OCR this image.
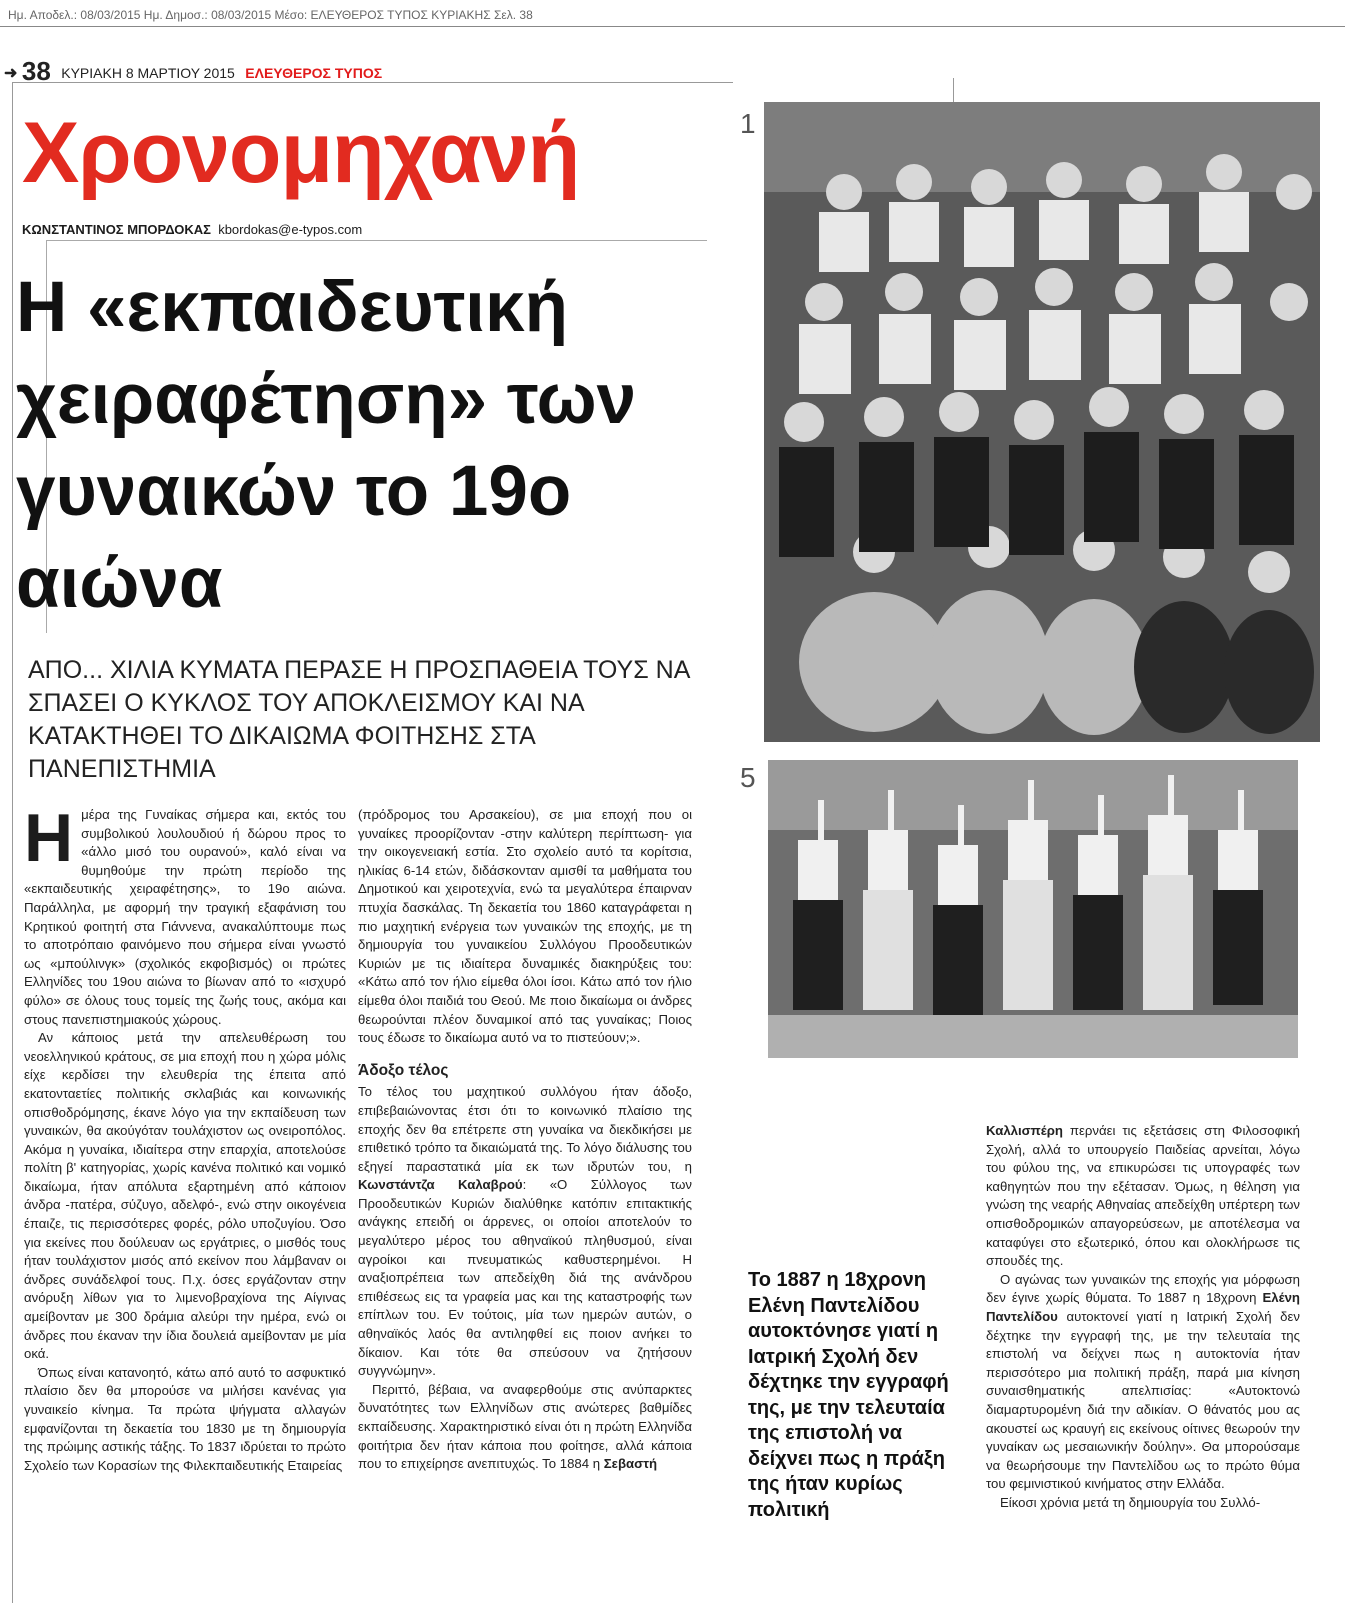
Ημ. Αποδελ.: 08/03/2015 Ημ. Δημοσ.: 08/03/2015 Μέσο: ΕΛΕΥΘΕΡΟΣ ΤΥΠΟΣ ΚΥΡΙΑΚΗΣ Σελ. 38
➜ 38 ΚΥΡΙΑΚΗ 8 ΜΑΡΤΙΟΥ 2015 ΕΛΕΥΘΕΡΟΣ ΤΥΠΟΣ
Χρονομηχανή
ΚΩΝΣΤΑΝΤΙΝΟΣ ΜΠΟΡΔΟΚΑΣ kbordokas@e-typos.com
Η «εκπαιδευτική χειραφέτηση» των γυναικών το 19ο αιώνα
ΑΠΟ... ΧΙΛΙΑ ΚΥΜΑΤΑ ΠΕΡΑΣΕ Η ΠΡΟΣΠΑΘΕΙΑ ΤΟΥΣ ΝΑ ΣΠΑΣΕΙ Ο ΚΥΚΛΟΣ ΤΟΥ ΑΠΟΚΛΕΙΣΜΟΥ ΚΑΙ ΝΑ ΚΑΤΑΚΤΗΘΕΙ ΤΟ ΔΙΚΑΙΩΜΑ ΦΟΙΤΗΣΗΣ ΣΤΑ ΠΑΝΕΠΙΣΤΗΜΙΑ
Η μέρα της Γυναίκας σήμερα και, εκτός του συμβολικού λουλουδιού ή δώρου προς το «άλλο μισό του ουρανού», καλό είναι να θυμηθούμε την πρώτη περίοδο της «εκπαιδευτικής χειραφέτησης», το 19ο αιώνα. Παράλληλα, με αφορμή την τραγική εξαφάνιση του Κρητικού φοιτητή στα Γιάννενα, ανακαλύπτουμε πως το αποτρόπαιο φαινόμενο που σήμερα είναι γνωστό ως «μπούλινγκ» (σχολικός εκφοβισμός) οι πρώτες Ελληνίδες του 19ου αιώνα το βίωναν από το «ισχυρό φύλο» σε όλους τους τομείς της ζωής τους, ακόμα και στους πανεπιστημιακούς χώρους.

Αν κάποιος μετά την απελευθέρωση του νεοελληνικού κράτους, σε μια εποχή που η χώρα μόλις είχε κερδίσει την ελευθερία της έπειτα από εκατονταετίες πολιτικής σκλαβιάς και κοινωνικής οπισθοδρόμησης, έκανε λόγο για την εκπαίδευση των γυναικών, θα ακούγόταν τουλάχιστον ως ονειροπόλος. Ακόμα η γυναίκα, ιδιαίτερα στην επαρχία, αποτελούσε πολίτη β' κατηγορίας, χωρίς κανένα πολιτικό και νομικό δικαίωμα, ήταν απόλυτα εξαρτημένη από κάποιον άνδρα -πατέρα, σύζυγο, αδελφό-, ενώ στην οικογένεια έπαιζε, τις περισσότερες φορές, ρόλο υποζυγίου. Όσο για εκείνες που δούλευαν ως εργάτριες, ο μισθός τους ήταν τουλάχιστον μισός από εκείνον που λάμβαναν οι άνδρες συνάδελφοί τους. Π.χ. όσες εργάζονταν στην ανόρυξη λίθων για το λιμενοβραχίονα της Αίγινας αμείβονταν με 300 δράμια αλεύρι την ημέρα, ενώ οι άνδρες που έκαναν την ίδια δουλειά αμείβονταν με μία οκά.

Όπως είναι κατανοητό, κάτω από αυτό το ασφυκτικό πλαίσιο δεν θα μπορούσε να μιλήσει κανένας για γυναικείο κίνημα. Τα πρώτα ψήγματα αλλαγών εμφανίζονται τη δεκαετία του 1830 με τη δημιουργία της πρώιμης αστικής τάξης. Το 1837 ιδρύεται το πρώτο Σχολείο των Κορασίων της Φιλεκπαιδευτικής Εταιρείας

(πρόδρομος του Αρσακείου), σε μια εποχή που οι γυναίκες προορίζονταν -στην καλύτερη περίπτωση- για την οικογενειακή εστία. Στο σχολείο αυτό τα κορίτσια, ηλικίας 6-14 ετών, διδάσκονταν αμισθί τα μαθήματα του Δημοτικού και χειροτεχνία, ενώ τα μεγαλύτερα έπαιρναν πτυχία δασκάλας. Τη δεκαετία του 1860 καταγράφεται η πιο μαχητική ενέργεια των γυναικών της εποχής, με τη δημιουργία του γυναικείου Συλλόγου Προοδευτικών Κυριών με τις ιδιαίτερα δυναμικές διακηρύξεις του: «Κάτω από τον ήλιο είμεθα όλοι ίσοι. Κάτω από τον ήλιο είμεθα όλοι παιδιά του Θεού. Με ποιο δικαίωμα οι άνδρες θεωρούνται πλέον δυναμικοί από τας γυναίκας; Ποιος τους έδωσε το δικαίωμα αυτό να το πιστεύουν;».

Άδοξο τέλος

Το τέλος του μαχητικού συλλόγου ήταν άδοξο, επιβεβαιώνοντας έτσι ότι το κοινωνικό πλαίσιο της εποχής δεν θα επέτρεπε στη γυναίκα να διεκδικήσει με επιθετικό τρόπο τα δικαιώματά της. Το λόγο διάλυσης του εξηγεί παραστατικά μία εκ των ιδρυτών του, η Κωνστάντζα Καλαβρού: «Ο Σύλλογος των Προοδευτικών Κυριών διαλύθηκε κατόπιν επιτακτικής ανάγκης επειδή οι άρρενες, οι οποίοι αποτελούν το μεγαλύτερο μέρος του αθηναϊκού πληθυσμού, είναι αγροίκοι και πνευματικώς καθυστερημένοι. Η αναξιοπρέπεια των απεδείχθη διά της ανάνδρου επιθέσεως εις τα γραφεία μας και της καταστροφής των επίπλων του. Εν τούτοις, μία των ημερών αυτών, ο αθηναϊκός λαός θα αντιληφθεί εις ποιον ανήκει το δίκαιον. Και τότε θα σπεύσουν να ζητήσουν συγγνώμην».

Περιττό, βέβαια, να αναφερθούμε στις ανύπαρκτες δυνατότητες των Ελληνίδων στις ανώτερες βαθμίδες εκπαίδευσης. Χαρακτηριστικό είναι ότι η πρώτη Ελληνίδα φοιτήτρια δεν ήταν κάποια που φοίτησε, αλλά κάποια που το επιχείρησε ανεπιτυχώς. Το 1884 η Σεβαστή

1
5
Το 1887 η 18χρονη Ελένη Παντελίδου αυτοκτόνησε γιατί η Ιατρική Σχολή δεν δέχτηκε την εγγραφή της, με την τελευταία της επιστολή να δείχνει πως η πράξη της ήταν κυρίως πολιτική

Καλλισπέρη περνάει τις εξετάσεις στη Φιλοσοφική Σχολή, αλλά το υπουργείο Παιδείας αρνείται, λόγω του φύλου της, να επικυρώσει τις υπογραφές των καθηγητών που την εξέτασαν. Όμως, η θέληση για γνώση της νεαρής Αθηναίας απεδείχθη υπέρτερη των οπισθοδρομικών απαγορεύσεων, με αποτέλεσμα να καταφύγει στο εξωτερικό, όπου και ολοκλήρωσε τις σπουδές της.

Ο αγώνας των γυναικών της εποχής για μόρφωση δεν έγινε χωρίς θύματα. Το 1887 η 18χρονη Ελένη Παντελίδου αυτοκτονεί γιατί η Ιατρική Σχολή δεν δέχτηκε την εγγραφή της, με την τελευταία της επιστολή να δείχνει πως η αυτοκτονία ήταν περισσότερο μια πολιτική πράξη, παρά μια κίνηση συναισθηματικής απελπισίας: «Αυτοκτονώ διαμαρτυρομένη διά την αδικίαν. Ο θάνατός μου ας ακουστεί ως κραυγή εις εκείνους οίτινες θεωρούν την γυναίκαν ως μεσαιωνικήν δούλην». Θα μπορούσαμε να θεωρήσουμε την Παντελίδου ως το πρώτο θύμα του φεμινιστικού κινήματος στην Ελλάδα.

Είκοσι χρόνια μετά τη δημιουργία του Συλλό-
